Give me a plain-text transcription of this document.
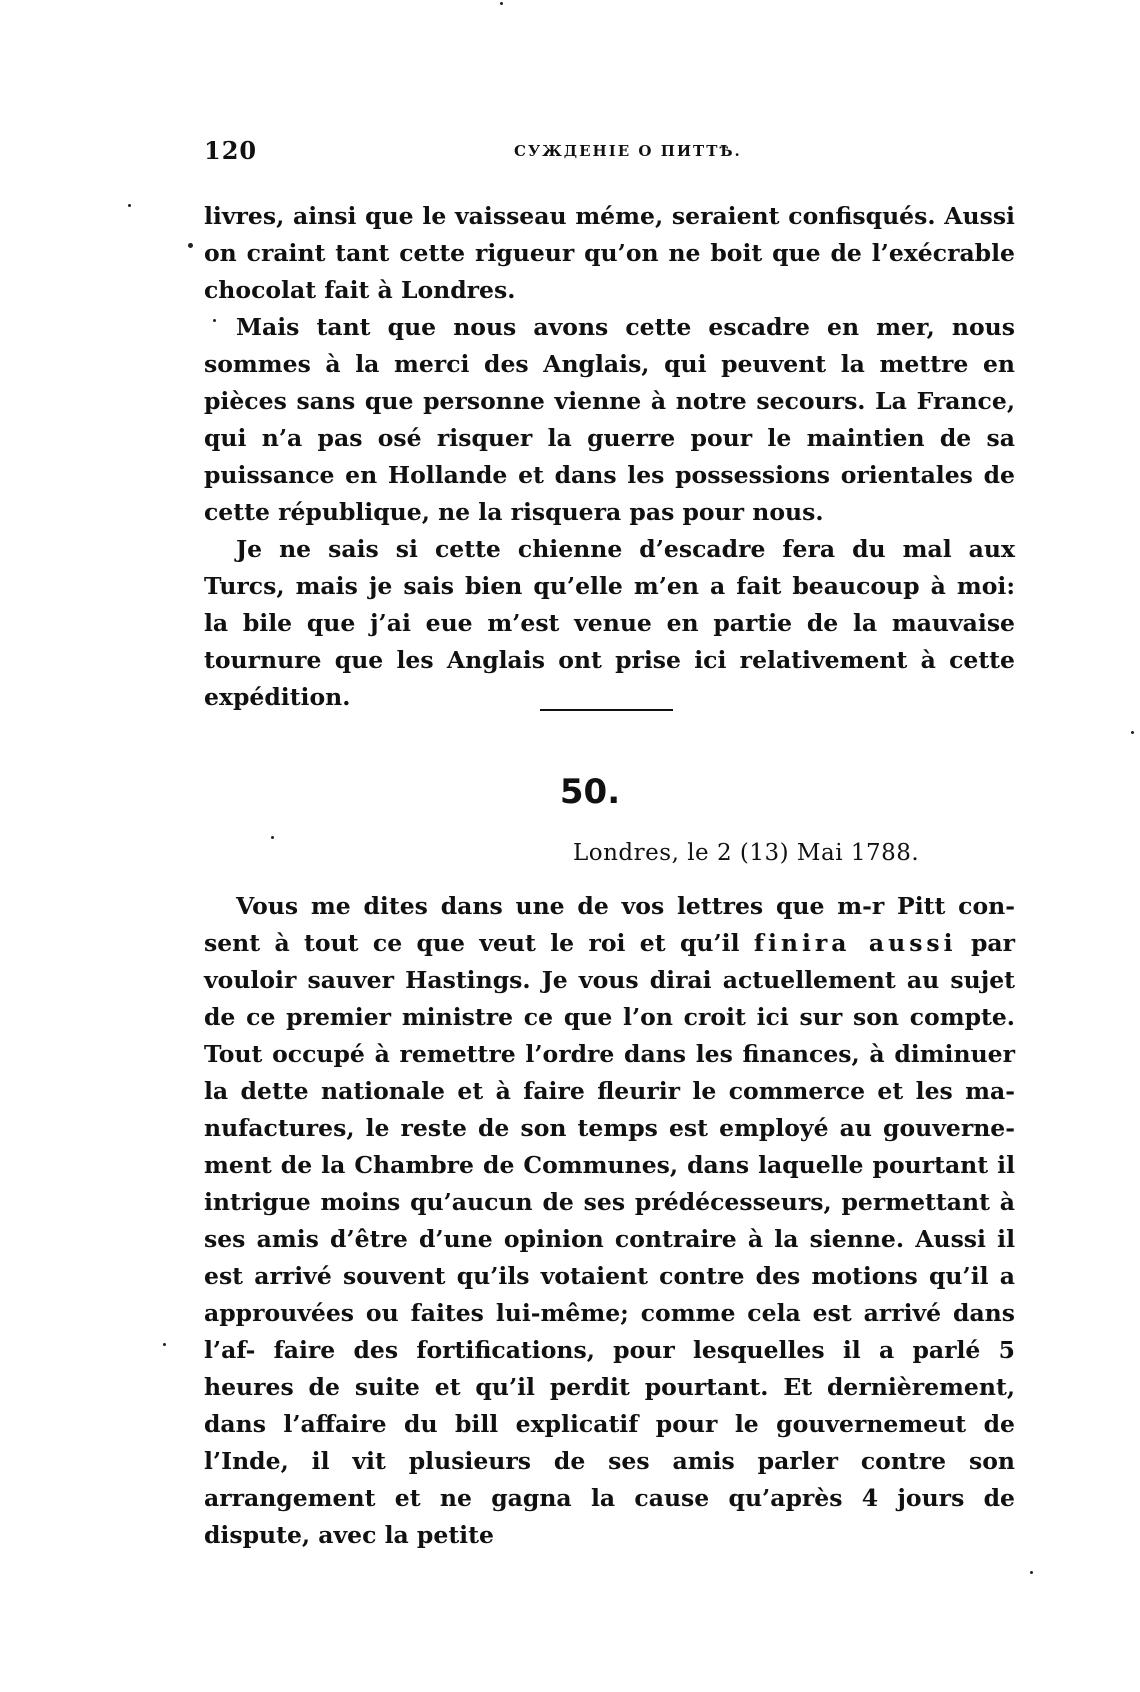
120	СУЖДЕНІЕ О ПИТТѢ.

livres, ainsi que le vaisseau méme, seraient confisqués. Aussi on craint tant cette rigueur qu’on ne boit que de l’exécrable chocolat fait à Londres.

Mais tant que nous avons cette escadre en mer, nous sommes à la merci des Anglais, qui peuvent la mettre en pièces sans que personne vienne à notre secours. La France, qui n’a pas osé risquer la guerre pour le maintien de sa puissance en Hollande et dans les possessions orientales de cette république, ne la risquera pas pour nous.

Je ne sais si cette chienne d’escadre fera du mal aux Turcs, mais je sais bien qu’elle m’en a fait beaucoup à moi: la bile que j’ai eue m’est venue en partie de la mauvaise tournure que les Anglais ont prise ici relativement à cette expédition.

50.
Londres, le 2 (13) Mai 1788.

Vous me dites dans une de vos lettres que m-r Pitt con- sent à tout ce que veut le roi et qu’il finira aussi par vouloir sauver Hastings. Je vous dirai actuellement au sujet de ce premier ministre ce que l’on croit ici sur son compte. Tout occupé à remettre l’ordre dans les finances, à diminuer la dette nationale et à faire fleurir le commerce et les ma- nufactures, le reste de son temps est employé au gouverne- ment de la Chambre de Communes, dans laquelle pourtant il intrigue moins qu’aucun de ses prédécesseurs, permettant à ses amis d’être d’une opinion contraire à la sienne. Aussi il est arrivé souvent qu’ils votaient contre des motions qu’il a approuvées ou faites lui-même; comme cela est arrivé dans l’af- faire des fortifications, pour lesquelles il a parlé 5 heures de suite et qu’il perdit pourtant. Et dernièrement, dans l’affaire du bill explicatif pour le gouvernemeut de l’Inde, il vit plusieurs de ses amis parler contre son arrangement et ne gagna la cause qu’après 4 jours de dispute, avec la petite
